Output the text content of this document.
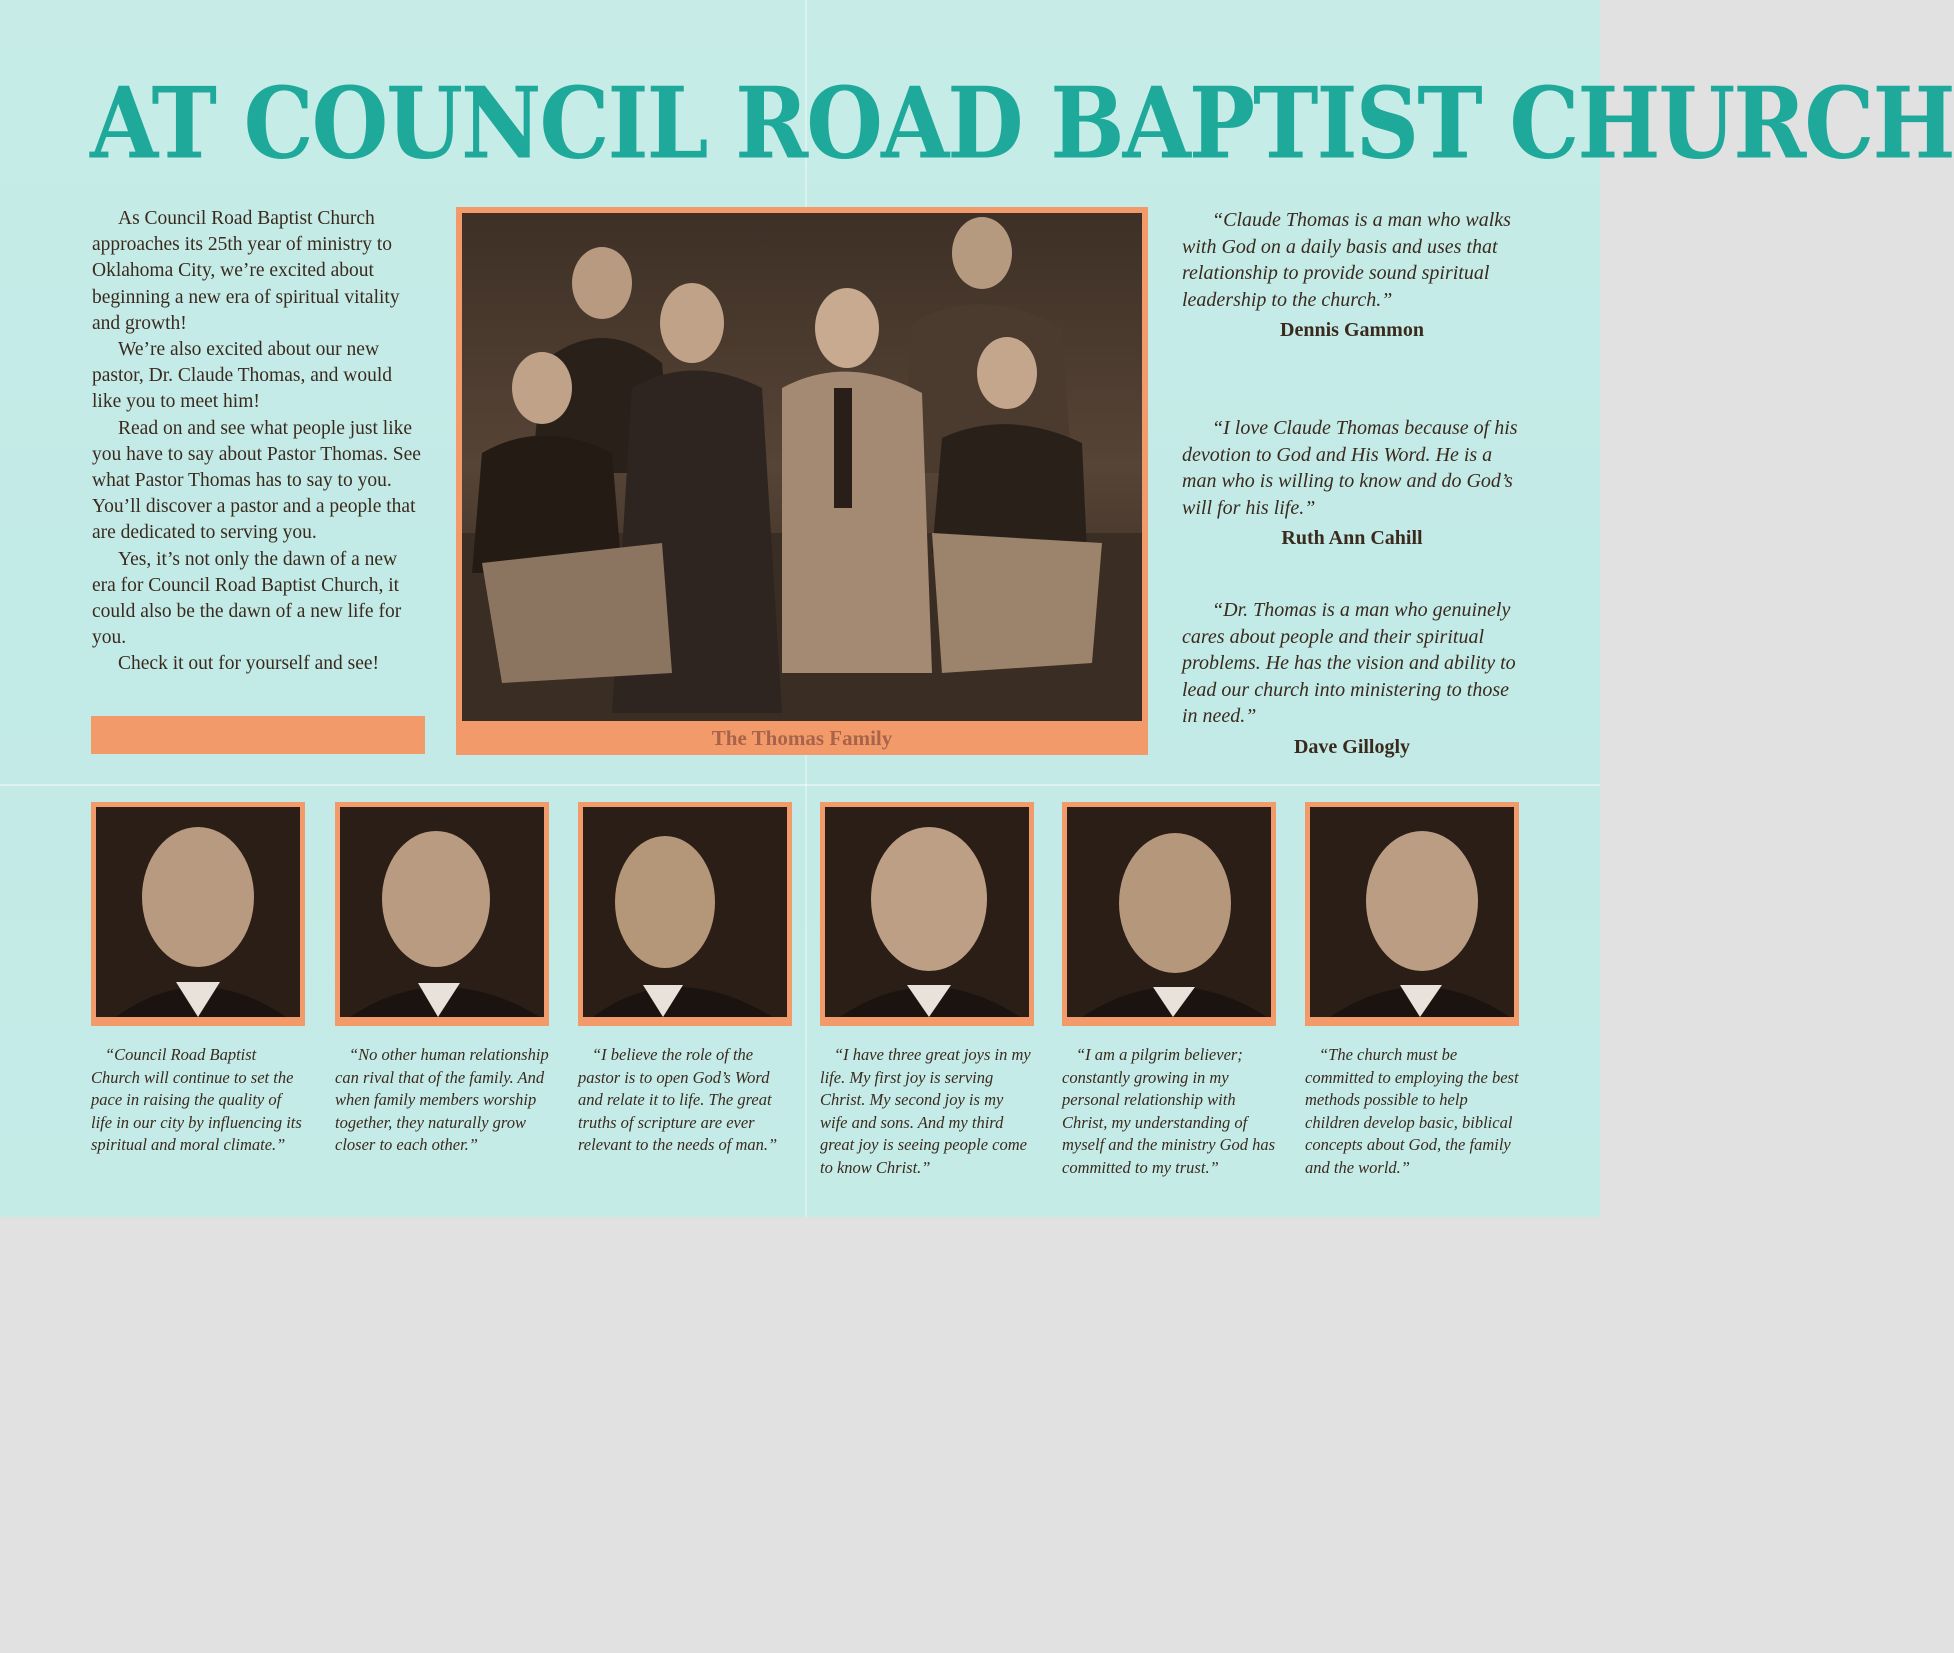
AT COUNCIL ROAD BAPTIST CHURCH

As Council Road Baptist Church approaches its 25th year of ministry to Oklahoma City, we’re excited about beginning a new era of spiritual vitality and growth!

We’re also excited about our new pastor, Dr. Claude Thomas, and would like you to meet him!

Read on and see what people just like you have to say about Pastor Thomas. See what Pastor Thomas has to say to you. You’ll discover a pastor and a people that are dedicated to serving you.

Yes, it’s not only the dawn of a new era for Council Road Baptist Church, it could also be the dawn of a new life for you.

Check it out for yourself and see!

The Thomas Family

“Claude Thomas is a man who walks with God on a daily basis and uses that relationship to provide sound spiritual leadership to the church.”

Dennis Gammon

“I love Claude Thomas because of his devotion to God and His Word. He is a man who is willing to know and do God’s will for his life.”

Ruth Ann Cahill

“Dr. Thomas is a man who genuinely cares about people and their spiritual problems. He has the vision and ability to lead our church into ministering to those in need.”

Dave Gillogly

“Council Road Baptist Church will continue to set the pace in raising the quality of life in our city by influencing its spiritual and moral climate.”

“No other human relationship can rival that of the family. And when family members worship together, they naturally grow closer to each other.”

“I believe the role of the pastor is to open God’s Word and relate it to life. The great truths of scripture are ever relevant to the needs of man.”

“I have three great joys in my life. My first joy is serving Christ. My second joy is my wife and sons. And my third great joy is seeing people come to know Christ.”

“I am a pilgrim believer; constantly growing in my personal relationship with Christ, my understanding of myself and the ministry God has committed to my trust.”

“The church must be committed to employing the best methods possible to help children develop basic, biblical concepts about God, the family and the world.”
